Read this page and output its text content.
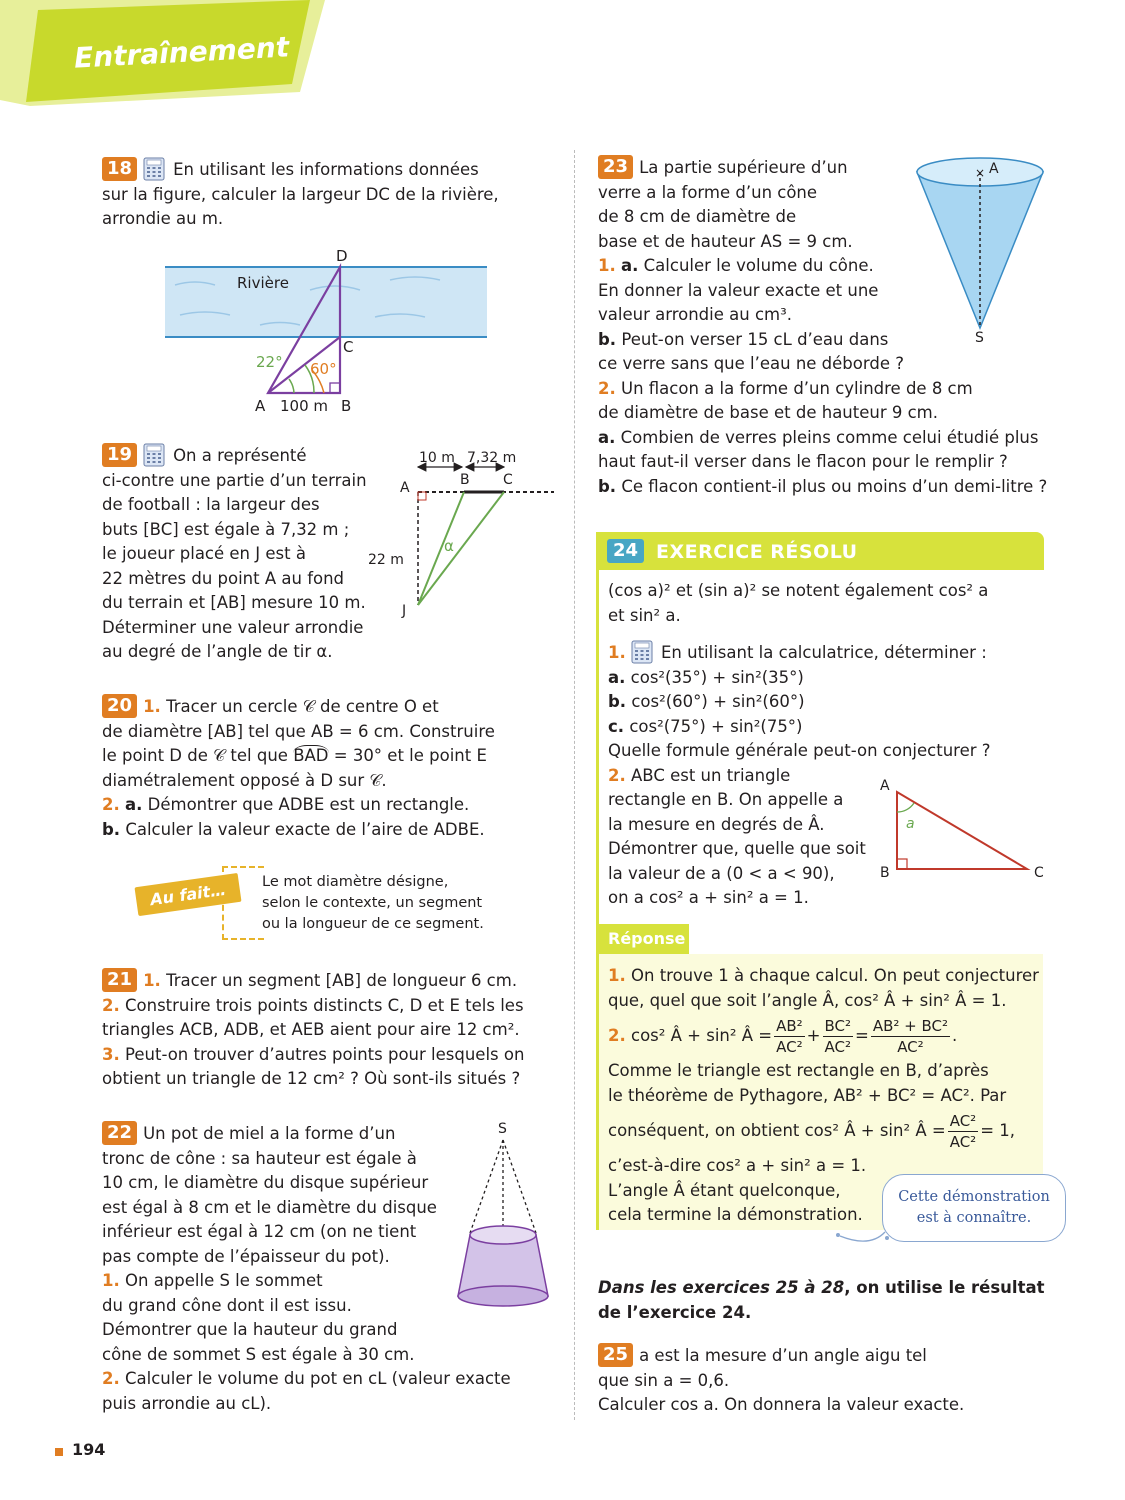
Entraînement
18 En utilisant les informations données
sur la figure, calculer la largeur DC de la rivière,
arrondie au m.
Rivière
D
C
A	B
100 m
22° 60°
19 On a représenté
ci-contre une partie d’un terrain
de football : la largeur des
buts [BC] est égale à 7,32 m ;
le joueur placé en J est à
22 mètres du point A au fond
du terrain et [AB] mesure 10 m.
Déterminer une valeur arrondie
au degré de l’angle de tir α.
10 m 7,32 m
A	B C
22 m
J
α
20 1. Tracer un cercle 𝒞 de centre O et
de diamètre [AB] tel que AB = 6 cm. Construire
le point D de 𝒞 tel que BAD = 30° et le point E
diamétralement opposé à D sur 𝒞.
2. a. Démontrer que ADBE est un rectangle.
b. Calculer la valeur exacte de l’aire de ADBE.
Au fait…	Le mot diamètre désigne,
selon le contexte, un segment
ou la longueur de ce segment.
21 1. Tracer un segment [AB] de longueur 6 cm.
2. Construire trois points distincts C, D et E tels les
triangles ACB, ADB, et AEB aient pour aire 12 cm².
3. Peut-on trouver d’autres points pour lesquels on
obtient un triangle de 12 cm² ? Où sont-ils situés ?
22 Un pot de miel a la forme d’un
tronc de cône : sa hauteur est égale à
10 cm, le diamètre du disque supérieur
est égal à 8 cm et le diamètre du disque
inférieur est égal à 12 cm (on ne tient
pas compte de l’épaisseur du pot).
1. On appelle S le sommet
du grand cône dont il est issu.
Démontrer que la hauteur du grand
cône de sommet S est égale à 30 cm.
2. Calculer le volume du pot en cL (valeur exacte
puis arrondie au cL).
S
23 La partie supérieure d’un
verre a la forme d’un cône
de 8 cm de diamètre de
base et de hauteur AS = 9 cm.
1. a. Calculer le volume du cône.
En donner la valeur exacte et une
valeur arrondie au cm³.
b. Peut-on verser 15 cL d’eau dans
ce verre sans que l’eau ne déborde ?
2. Un flacon a la forme d’un cylindre de 8 cm
de diamètre de base et de hauteur 9 cm.
a. Combien de verres pleins comme celui étudié plus
haut faut-il verser dans le flacon pour le remplir ?
b. Ce flacon contient-il plus ou moins d’un demi-litre ?
× A
S
24 EXERCICE RÉSOLU
(cos a)² et (sin a)² se notent également cos² a
et sin² a.
1. En utilisant la calculatrice, déterminer :
a. cos²(35°) + sin²(35°)
b. cos²(60°) + sin²(60°)
c. cos²(75°) + sin²(75°)
Quelle formule générale peut-on conjecturer ?
2. ABC est un triangle
rectangle en B. On appelle a
la mesure en degrés de Â.
Démontrer que, quelle que soit
la valeur de a (0 < a < 90),
on a cos² a + sin² a = 1.
A
B	C
a
Réponse
1. On trouve 1 à chaque calcul. On peut conjecturer
que, quel que soit l’angle Â, cos² Â + sin² Â = 1.
2.
cos² Â + sin² Â = $\frac{\text{AB²}}{\text{AC²}} + \frac{\text{BC²}}{\text{AC²}} = \frac{\text{AB² + BC²}}{\text{AC²}}$ .
Comme le triangle est rectangle en B, d’après
le théorème de Pythagore, AB² + BC² = AC². Par
conséquent, on obtient cos² Â + sin² Â = $\frac{\text{AC²}}{\text{AC²}} = 1$,
c’est-à-dire cos² a + sin² a = 1.
L’angle Â étant quelconque,
cela termine la démonstration.
Cette démonstration
est à connaître.
Dans les exercices 25 à 28, on utilise le résultat
de l’exercice 24.
25 a est la mesure d’un angle aigu tel
que sin a = 0,6.
Calculer cos a. On donnera la valeur exacte.
194
